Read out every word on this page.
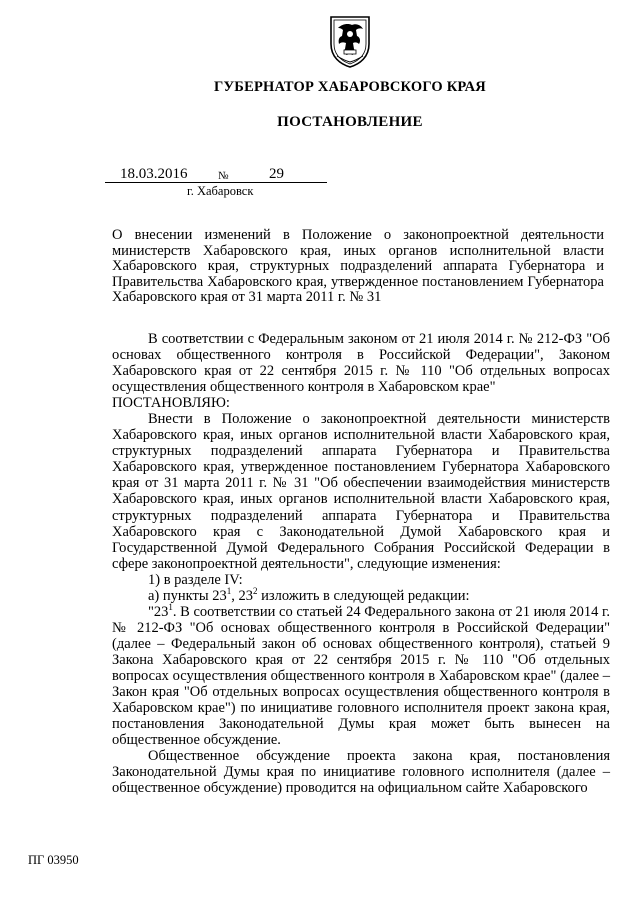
ГУБЕРНАТОР ХАБАРОВСКОГО КРАЯ
ПОСТАНОВЛЕНИЕ
18.03.2016	№	29
г. Хабаровск
О внесении изменений в Положение о законопроектной деятельности министерств Хабаровского края, иных органов исполнительной власти Хабаровского края, структурных подразделений аппарата Губернатора и Правительства Хабаровского края, утвержденное постановлением Губернатора Хабаровского края от 31 марта 2011 г. № 31

В соответствии с Федеральным законом от 21 июля 2014 г. № 212-ФЗ "Об основах общественного контроля в Российской Федерации", Законом Хабаровского края от 22 сентября 2015 г. № 110 "Об отдельных вопросах осуществления общественного контроля в Хабаровском крае"

ПОСТАНОВЛЯЮ:

Внести в Положение о законопроектной деятельности министерств Хабаровского края, иных органов исполнительной власти Хабаровского края, структурных подразделений аппарата Губернатора и Правительства Хабаровского края, утвержденное постановлением Губернатора Хабаровского края от 31 марта 2011 г. № 31 "Об обеспечении взаимодействия министерств Хабаровского края, иных органов исполнительной власти Хабаровского края, структурных подразделений аппарата Губернатора и Правительства Хабаровского края с Законодательной Думой Хабаровского края и Государственной Думой Федерального Собрания Российской Федерации в сфере законопроектной деятельности", следующие изменения:

1) в разделе IV:

а) пункты $23^1$, $23^2$ изложить в следующей редакции:

"$23^1$. В соответствии со статьей 24 Федерального закона от 21 июля 2014 г. № 212-ФЗ "Об основах общественного контроля в Российской Федерации" (далее – Федеральный закон об основах общественного контроля), статьей 9 Закона Хабаровского края от 22 сентября 2015 г. № 110 "Об отдельных вопросах осуществления общественного контроля в Хабаровском крае" (далее – Закон края "Об отдельных вопросах осуществления общественного контроля в Хабаровском крае") по инициативе головного исполнителя проект закона края, постановления Законодательной Думы края может быть вынесен на общественное обсуждение.

Общественное обсуждение проекта закона края, постановления Законодательной Думы края по инициативе головного исполнителя (далее – общественное обсуждение) проводится на официальном сайте Хабаровского

ПГ 03950
